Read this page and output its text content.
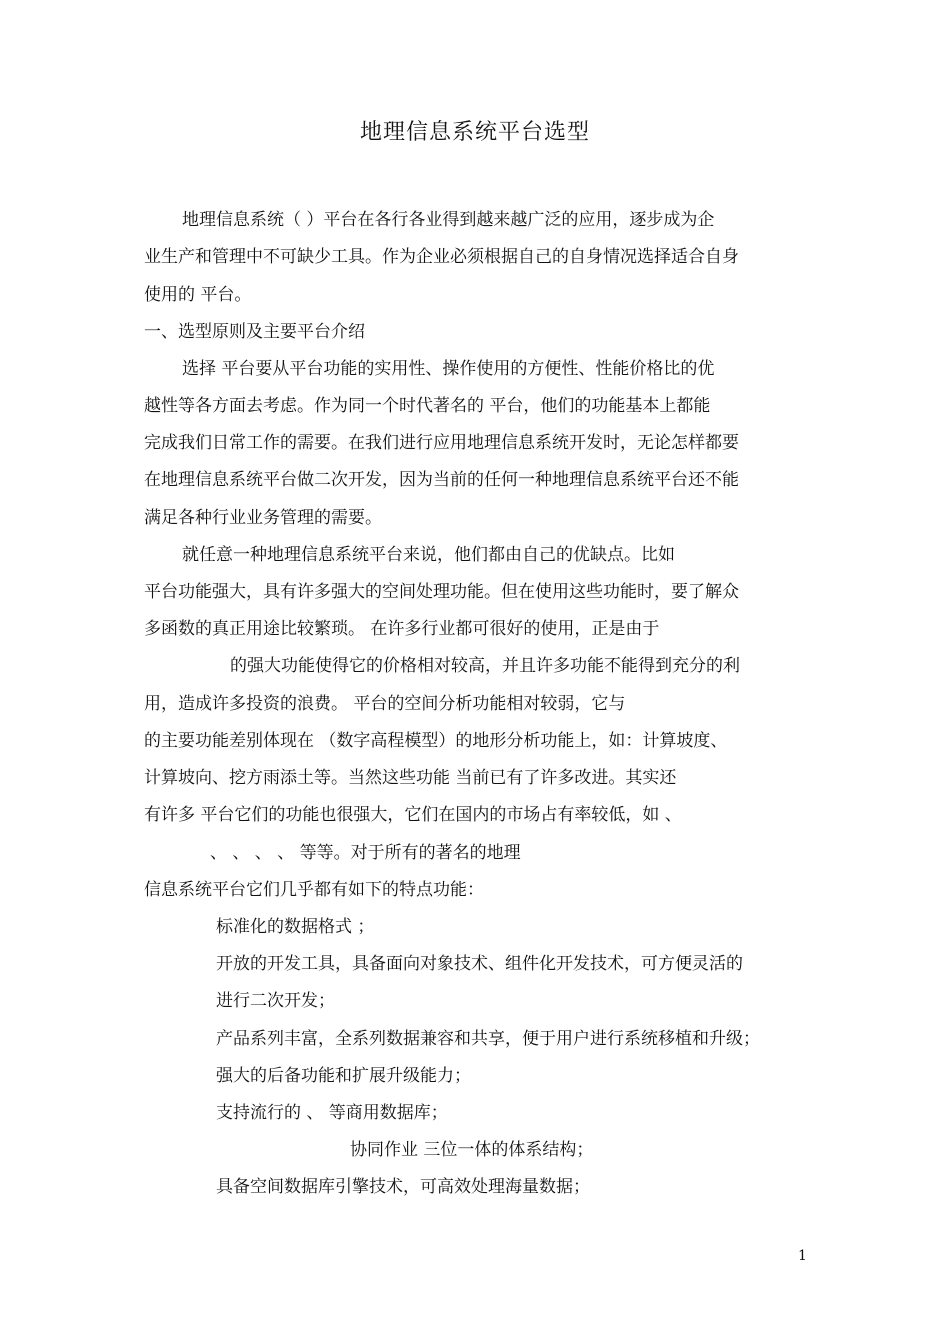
地理信息系统平台选型
地理信息系统（ ）平台在各行各业得到越来越广泛的应用，逐步成为企
业生产和管理中不可缺少工具。作为企业必须根据自己的自身情况选择适合自身
使用的 平台。
一、选型原则及主要平台介绍
选择 平台要从平台功能的实用性、操作使用的方便性、性能价格比的优
越性等各方面去考虑。作为同一个时代著名的 平台，他们的功能基本上都能
完成我们日常工作的需要。在我们进行应用地理信息系统开发时，无论怎样都要
在地理信息系统平台做二次开发，因为当前的任何一种地理信息系统平台还不能
满足各种行业业务管理的需要。
就任意一种地理信息系统平台来说，他们都由自己的优缺点。比如
平台功能强大，具有许多强大的空间处理功能。但在使用这些功能时，要了解众
多函数的真正用途比较繁琐。 在许多行业都可很好的使用，正是由于
的强大功能使得它的价格相对较高，并且许多功能不能得到充分的利
用，造成许多投资的浪费。 平台的空间分析功能相对较弱，它与
的主要功能差别体现在 （数字高程模型）的地形分析功能上，如：计算坡度、
计算坡向、挖方雨添土等。当然这些功能 当前已有了许多改进。其实还
有许多 平台它们的功能也很强大，它们在国内的市场占有率较低，如 、
、 、 、 、 等等。对于所有的著名的地理
信息系统平台它们几乎都有如下的特点功能：
标准化的数据格式 ；
开放的开发工具，具备面向对象技术、组件化开发技术，可方便灵活的
进行二次开发；
产品系列丰富，全系列数据兼容和共享，便于用户进行系统移植和升级；
强大的后备功能和扩展升级能力；
支持流行的 、 等商用数据库；
协同作业 三位一体的体系结构；
具备空间数据库引擎技术，可高效处理海量数据；
1
